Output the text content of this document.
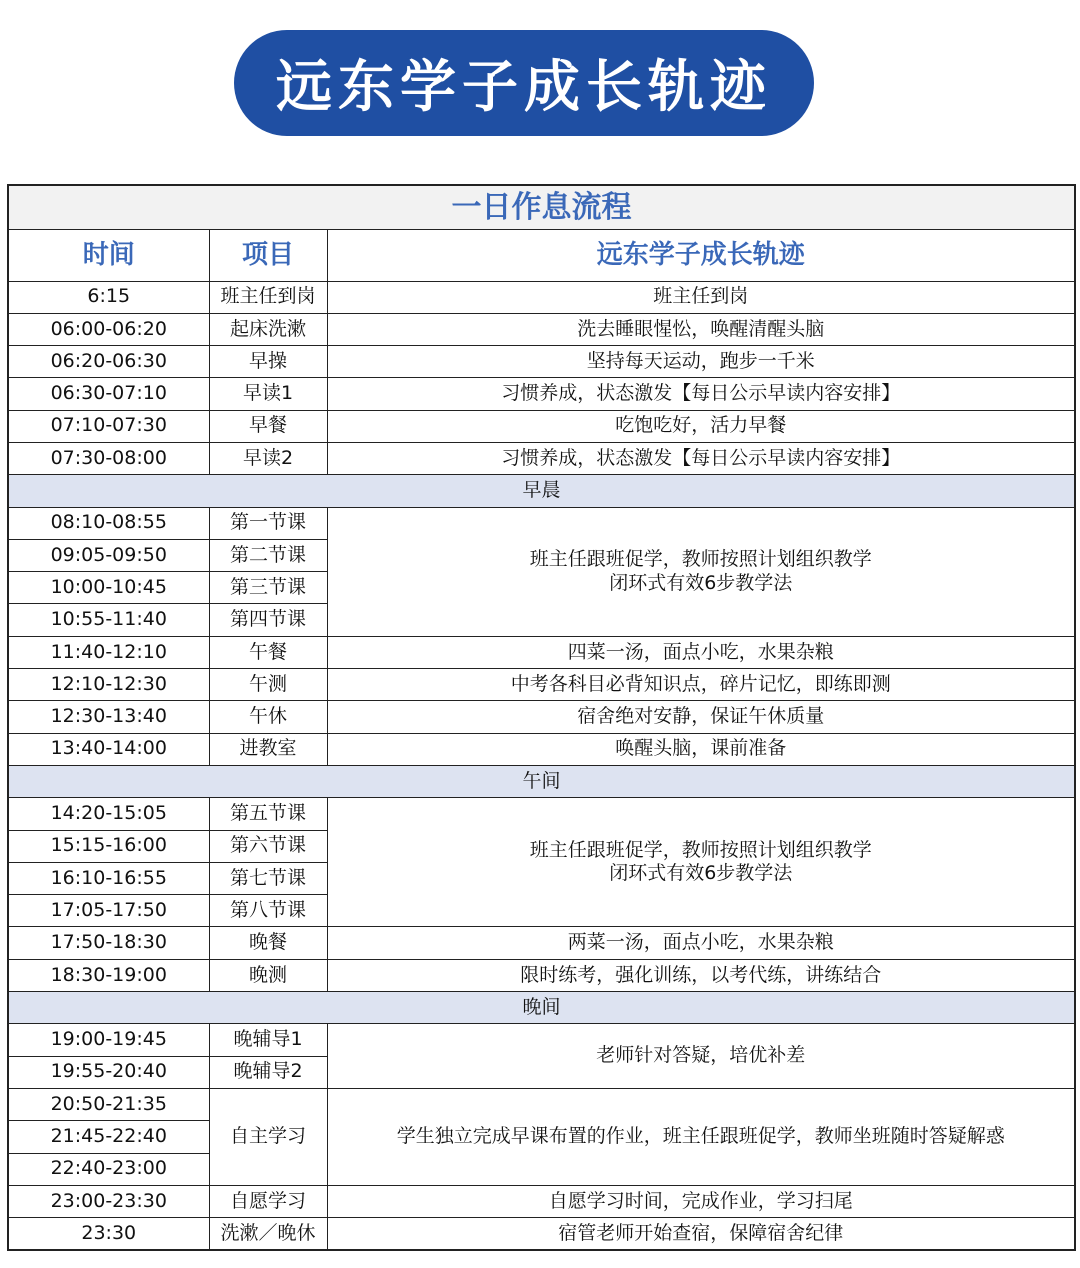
远东学子成长轨迹
一日作息流程		
时间	项目	远东学子成长轨迹
6:15	班主任到岗	班主任到岗
06:00-06:20	起床洗漱	洗去睡眼惺忪，唤醒清醒头脑
06:20-06:30	早操	坚持每天运动，跑步一千米
06:30-07:10	早读1	习惯养成，状态激发【每日公示早读内容安排】
07:10-07:30	早餐	吃饱吃好，活力早餐
07:30-08:00	早读2	习惯养成，状态激发【每日公示早读内容安排】
早晨		
08:10-08:55	第一节课	班主任跟班促学，教师按照计划组织教学
闭环式有效6步教学法

09:05-09:50	第二节课	
10:00-10:45	第三节课	
10:55-11:40	第四节课	
11:40-12:10	午餐	四菜一汤，面点小吃，水果杂粮
12:10-12:30	午测	中考各科目必背知识点，碎片记忆，即练即测
12:30-13:40	午休	宿舍绝对安静，保证午休质量
13:40-14:00	进教室	唤醒头脑，课前准备
午间		
14:20-15:05	第五节课	班主任跟班促学，教师按照计划组织教学
闭环式有效6步教学法

15:15-16:00	第六节课	
16:10-16:55	第七节课	
17:05-17:50	第八节课	
17:50-18:30	晚餐	两菜一汤，面点小吃，水果杂粮
18:30-19:00	晚测	限时练考，强化训练，以考代练，讲练结合
晚间		
19:00-19:45	晚辅导1	老师针对答疑，培优补差
19:55-20:40	晚辅导2	
20:50-21:35	自主学习	学生独立完成早课布置的作业，班主任跟班促学，教师坐班随时答疑解惑
21:45-22:40		
22:40-23:00		
23:00-23:30	自愿学习	自愿学习时间，完成作业，学习扫尾
23:30	洗漱／晚休	宿管老师开始查宿，保障宿舍纪律
